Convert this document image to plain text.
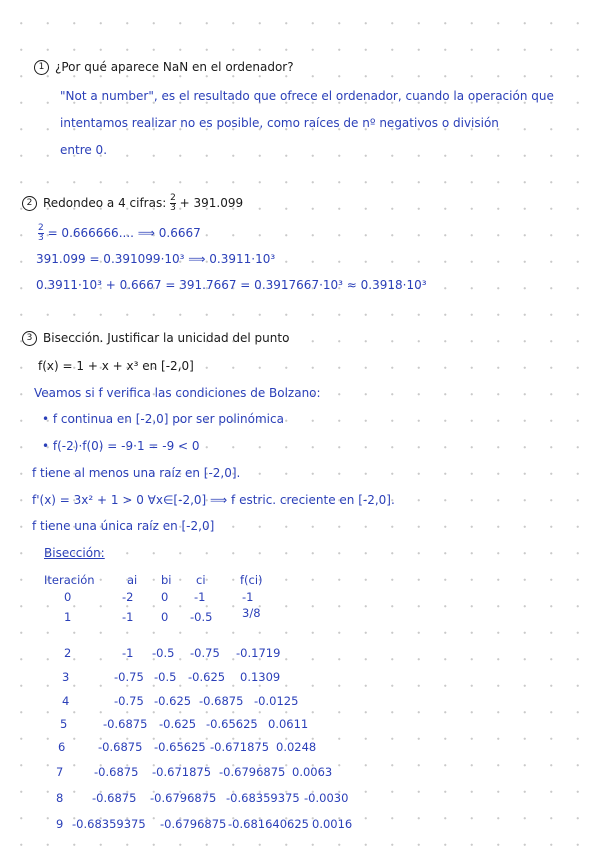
1 ¿Por qué aparece NaN en el ordenador?
"Not a number", es el resultado que ofrece el ordenador, cuando la operación que
intentamos realizar no es posible, como raíces de nº negativos o división
entre 0.
2 Redondeo a 4 cifras: $\frac{2}{3} + 391.099$
$\frac{2}{3} = 0.666666$.... ⟹ 0.6667
391.099 = 0.391099·10³ ⟹ 0.3911·10³
0.3911·10³ + 0.6667 = 391.7667 = 0.3917667·10³ ≈ 0.3918·10³
3 Bisección. Justificar la unicidad del punto
f(x) = 1 + x + x³ en [-2,0]
Veamos si f verifica las condiciones de Bolzano:
• f continua en [-2,0] por ser polinómica
• f(-2)·f(0) = -9·1 = -9 < 0
f tiene al menos una raíz en [-2,0].
f'(x) = 3x² + 1 > 0 ∀x∈[-2,0] ⟹ f estric. creciente en [-2,0].
f tiene una única raíz en [-2,0]
Bisección:
Iteración	ai bi ci	f(ci)
0	-2 0 -1	-1
1	-1 0 -0.5	3/8
2	-1 -0.5 -0.75 -0.1719
3	-0.75 -0.5 -0.625 0.1309
4	-0.75 -0.625 -0.6875 -0.0125
5	-0.6875 -0.625 -0.65625 0.0611
6	-0.6875 -0.65625 -0.671875 0.0248
7	-0.6875 -0.671875 -0.6796875 0.0063
8 -0.6875 -0.6796875 -0.68359375 -0.0030
9 -0.68359375 -0.6796875 -0.681640625 0.0016
